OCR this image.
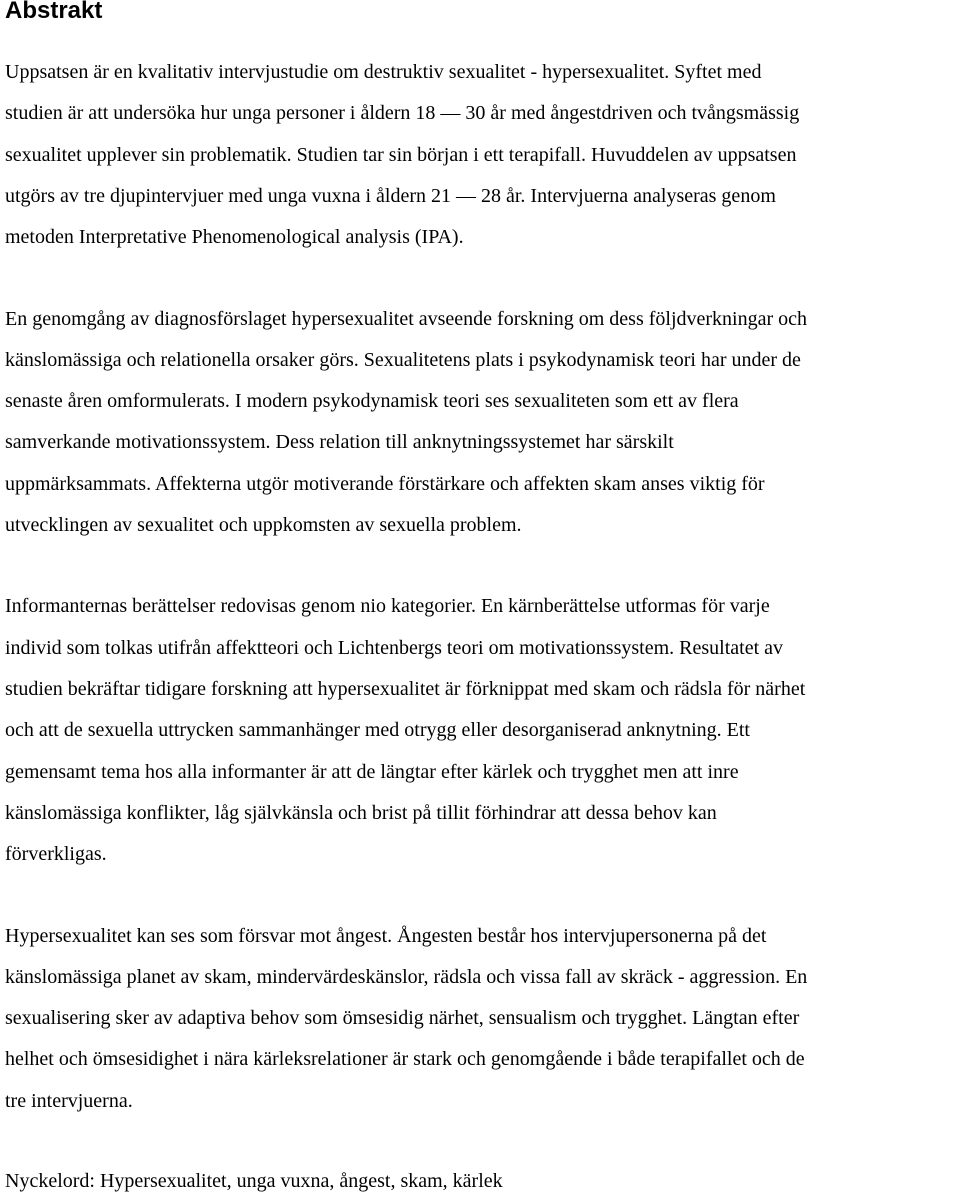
Abstrakt

Uppsatsen är en kvalitativ intervjustudie om destruktiv sexualitet - hypersexualitet. Syftet med

studien är att undersöka hur unga personer i åldern 18 — 30 år med ångestdriven och tvångsmässig

sexualitet upplever sin problematik. Studien tar sin början i ett terapifall. Huvuddelen av uppsatsen

utgörs av tre djupintervjuer med unga vuxna i åldern 21 — 28 år. Intervjuerna analyseras genom

metoden Interpretative Phenomenological analysis (IPA).

En genomgång av diagnosförslaget hypersexualitet avseende forskning om dess följdverkningar och

känslomässiga och relationella orsaker görs. Sexualitetens plats i psykodynamisk teori har under de

senaste åren omformulerats. I modern psykodynamisk teori ses sexualiteten som ett av flera

samverkande motivationssystem. Dess relation till anknytningssystemet har särskilt

uppmärksammats. Affekterna utgör motiverande förstärkare och affekten skam anses viktig för

utvecklingen av sexualitet och uppkomsten av sexuella problem.

Informanternas berättelser redovisas genom nio kategorier. En kärnberättelse utformas för varje

individ som tolkas utifrån affektteori och Lichtenbergs teori om motivationssystem. Resultatet av

studien bekräftar tidigare forskning att hypersexualitet är förknippat med skam och rädsla för närhet

och att de sexuella uttrycken sammanhänger med otrygg eller desorganiserad anknytning. Ett

gemensamt tema hos alla informanter är att de längtar efter kärlek och trygghet men att inre

känslomässiga konflikter, låg självkänsla och brist på tillit förhindrar att dessa behov kan

förverkligas.

Hypersexualitet kan ses som försvar mot ångest. Ångesten består hos intervjupersonerna på det

känslomässiga planet av skam, mindervärdeskänslor, rädsla och vissa fall av skräck - aggression. En

sexualisering sker av adaptiva behov som ömsesidig närhet, sensualism och trygghet. Längtan efter

helhet och ömsesidighet i nära kärleksrelationer är stark och genomgående i både terapifallet och de

tre intervjuerna.

Nyckelord: Hypersexualitet, unga vuxna, ångest, skam, kärlek
